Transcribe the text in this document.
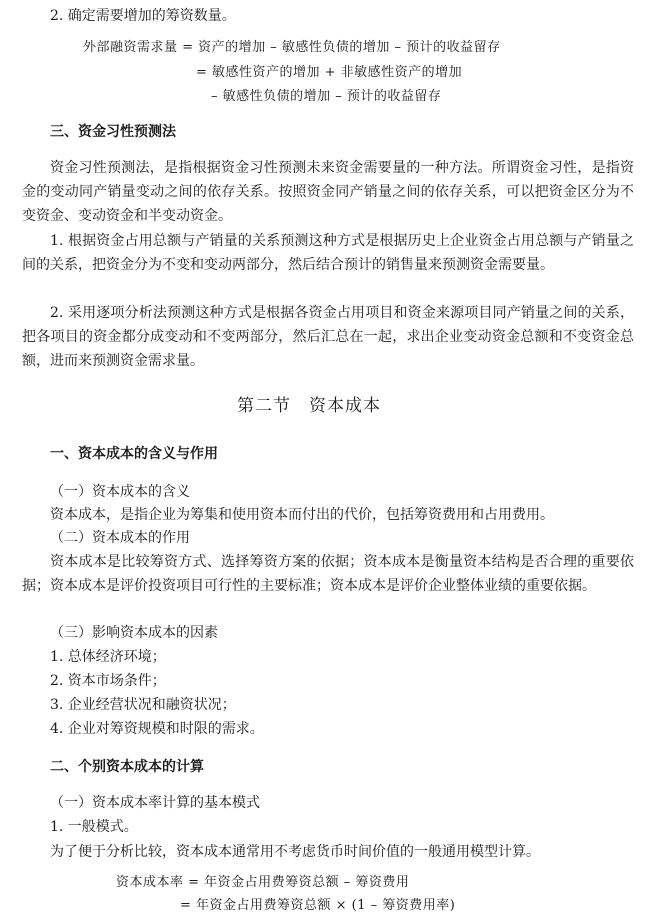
2. 确定需要增加的筹资数量。
外部融资需求量 = 资产的增加 – 敏感性负债的增加 – 预计的收益留存
= 敏感性资产的增加 + 非敏感性资产的增加
– 敏感性负债的增加 – 预计的收益留存
三、资金习性预测法
资金习性预测法，是指根据资金习性预测未来资金需要量的一种方法。所谓资金习性，是指资金的变动同产销量变动之间的依存关系。按照资金同产销量之间的依存关系，可以把资金区分为不变资金、变动资金和半变动资金。
1. 根据资金占用总额与产销量的关系预测这种方式是根据历史上企业资金占用总额与产销量之间的关系，把资金分为不变和变动两部分，然后结合预计的销售量来预测资金需要量。
2. 采用逐项分析法预测这种方式是根据各资金占用项目和资金来源项目同产销量之间的关系，把各项目的资金都分成变动和不变两部分，然后汇总在一起，求出企业变动资金总额和不变资金总额，进而来预测资金需求量。
第二节　资本成本
一、资本成本的含义与作用
（一）资本成本的含义
资本成本，是指企业为筹集和使用资本而付出的代价，包括筹资费用和占用费用。
（二）资本成本的作用
资本成本是比较筹资方式、选择筹资方案的依据；资本成本是衡量资本结构是否合理的重要依据；资本成本是评价投资项目可行性的主要标准；资本成本是评价企业整体业绩的重要依据。
（三）影响资本成本的因素
1. 总体经济环境；
2. 资本市场条件；
3. 企业经营状况和融资状况；
4. 企业对筹资规模和时限的需求。
二、个别资本成本的计算
（一）资本成本率计算的基本模式
1. 一般模式。
为了便于分析比较，资本成本通常用不考虑货币时间价值的一般通用模型计算。
资本成本率 = 年资金占用费筹资总额 – 筹资费用
= 年资金占用费筹资总额 × (1 – 筹资费用率)
